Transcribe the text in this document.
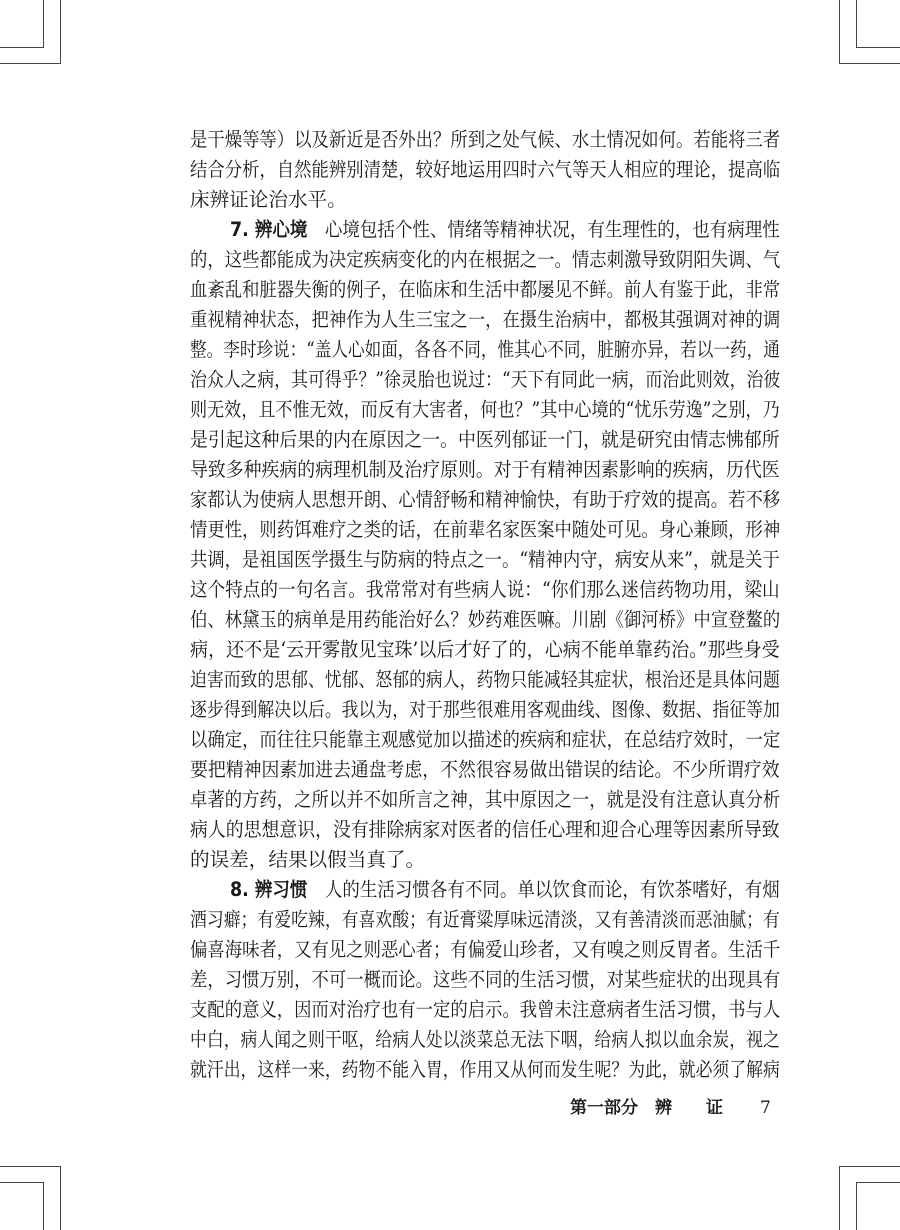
是干燥等等）以及新近是否外出？所到之处气候、水土情况如何。若能将三者
结合分析，自然能辨别清楚，较好地运用四时六气等天人相应的理论，提高临
床辨证论治水平。
7. 辨心境　 心境包括个性、情绪等精神状况，有生理性的，也有病理性
的，这些都能成为决定疾病变化的内在根据之一。情志刺激导致阴阳失调、气
血紊乱和脏器失衡的例子，在临床和生活中都屡见不鲜。前人有鉴于此，非常
重视精神状态，把神作为人生三宝之一，在摄生治病中，都极其强调对神的调
整。李时珍说：“盖人心如面，各各不同，惟其心不同，脏腑亦异，若以一药，通
治众人之病，其可得乎？”徐灵胎也说过：“天下有同此一病，而治此则效，治彼
则无效，且不惟无效，而反有大害者，何也？”其中心境的“忧乐劳逸”之别，乃
是引起这种后果的内在原因之一。中医列郁证一门，就是研究由情志怫郁所
导致多种疾病的病理机制及治疗原则。对于有精神因素影响的疾病，历代医
家都认为使病人思想开朗、心情舒畅和精神愉快，有助于疗效的提高。若不移
情更性，则药饵难疗之类的话，在前辈名家医案中随处可见。身心兼顾，形神
共调，是祖国医学摄生与防病的特点之一。“精神内守，病安从来”，就是关于
这个特点的一句名言。我常常对有些病人说：“你们那么迷信药物功用，梁山
伯、林黛玉的病单是用药能治好么？妙药难医嘛。川剧《御河桥》中宣登鳌的
病，还不是‘云开雾散见宝珠’以后才好了的，心病不能单靠药治。”那些身受
迫害而致的思郁、忧郁、怒郁的病人，药物只能减轻其症状，根治还是具体问题
逐步得到解决以后。我以为，对于那些很难用客观曲线、图像、数据、指征等加
以确定，而往往只能靠主观感觉加以描述的疾病和症状，在总结疗效时，一定
要把精神因素加进去通盘考虑，不然很容易做出错误的结论。不少所谓疗效
卓著的方药，之所以并不如所言之神，其中原因之一，就是没有注意认真分析
病人的思想意识，没有排除病家对医者的信任心理和迎合心理等因素所导致
的误差，结果以假当真了。
8. 辨习惯　 人的生活习惯各有不同。单以饮食而论，有饮茶嗜好，有烟
酒习癖；有爱吃辣，有喜欢酸；有近膏粱厚味远清淡，又有善清淡而恶油腻；有
偏喜海味者，又有见之则恶心者；有偏爱山珍者，又有嗅之则反胃者。生活千
差，习惯万别，不可一概而论。这些不同的生活习惯，对某些症状的出现具有
支配的意义，因而对治疗也有一定的启示。我曾未注意病者生活习惯，书与人
中白，病人闻之则干呕，给病人处以淡菜总无法下咽，给病人拟以血余炭，视之
就汗出，这样一来，药物不能入胃，作用又从何而发生呢？为此，就必须了解病
第一部分　辨　　证 7
